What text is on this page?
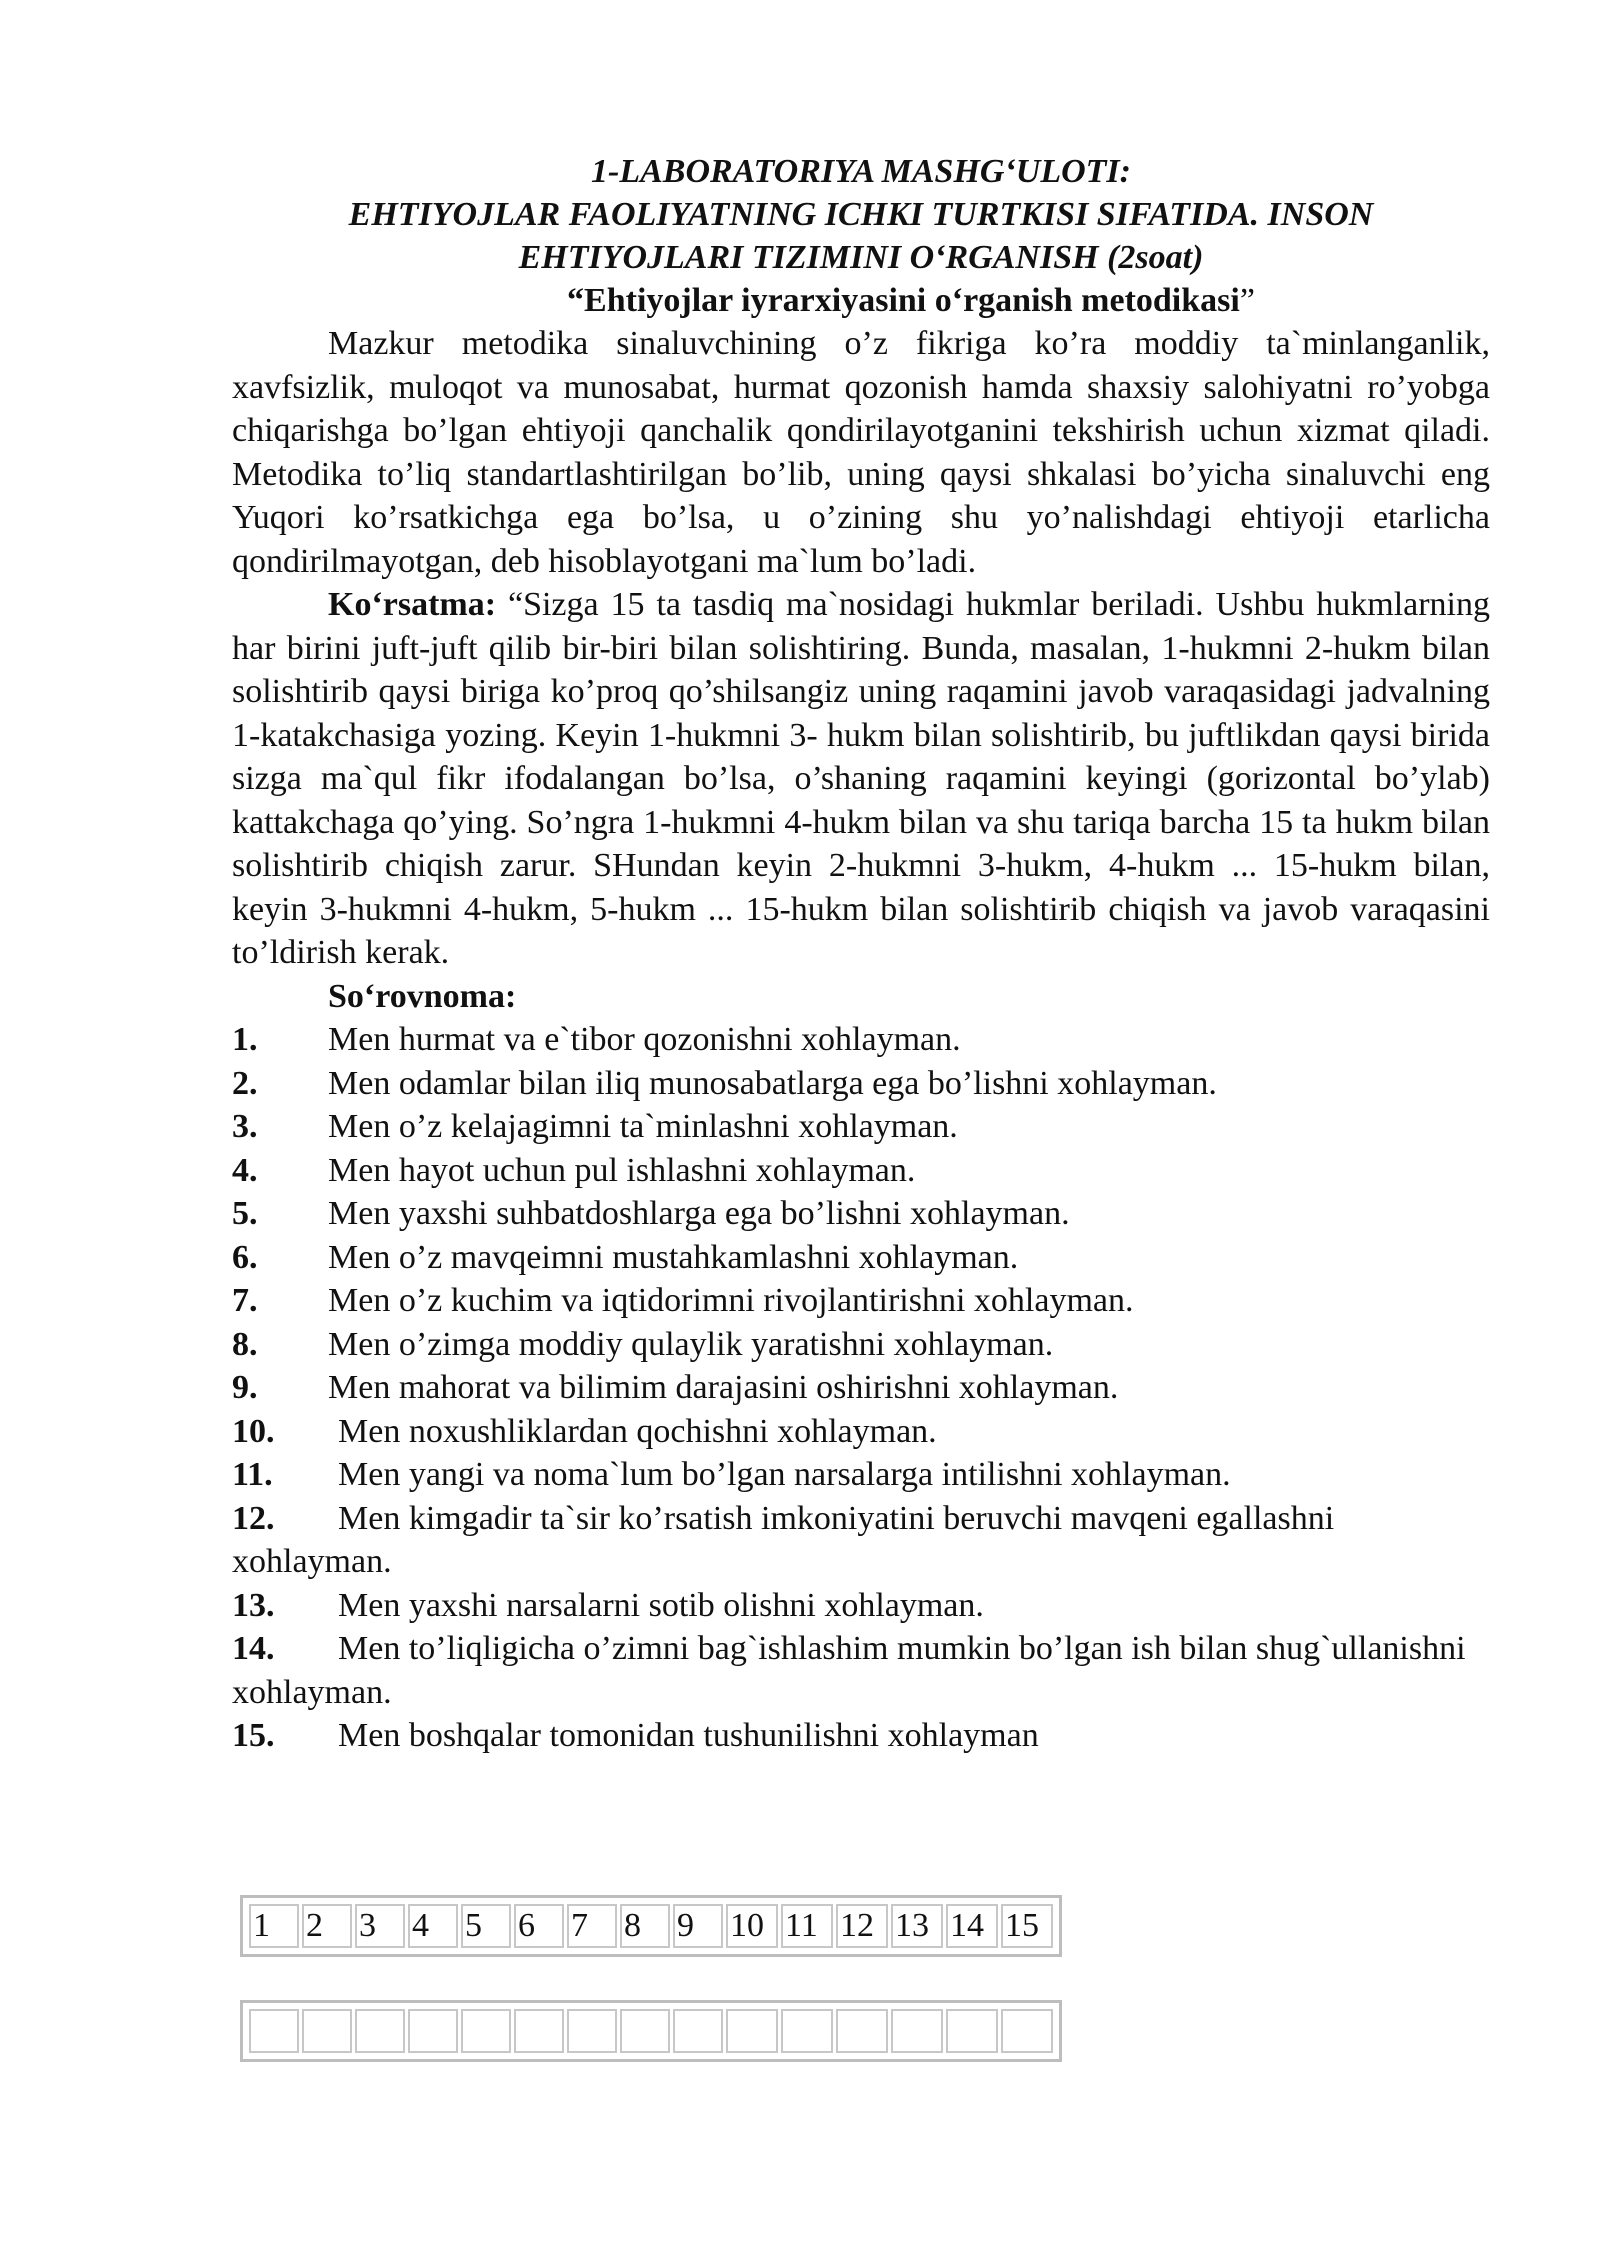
1-LABORATORIYA MASHG‘ULOTI:
EHTIYOJLAR FAOLIYATNING ICHKI TURTKISI SIFATIDA. INSON
EHTIYOJLARI TIZIMINI O‘RGANISH (2soat)
“Ehtiyojlar iyrarxiyasini o‘rganish metodikasi”

Mazkur metodika sinaluvchining o’z fikriga ko’ra moddiy ta`minlanganlik, xavfsizlik, muloqot va munosabat, hurmat qozonish hamda shaxsiy salohiyatni ro’yobga chiqarishga bo’lgan ehtiyoji qanchalik qondirilayotganini tekshirish uchun xizmat qiladi. Metodika to’liq standartlashtirilgan bo’lib, uning qaysi shkalasi bo’yicha sinaluvchi eng Yuqori ko’rsatkichga ega bo’lsa, u o’zining shu yo’nalishdagi ehtiyoji etarlicha qondirilmayotgan, deb hisoblayotgani ma`lum bo’ladi.

Ko‘rsatma: “Sizga 15 ta tasdiq ma`nosidagi hukmlar beriladi. Ushbu hukmlarning har birini juft-juft qilib bir-biri bilan solishtiring. Bunda, masalan, 1-hukmni 2-hukm bilan solishtirib qaysi biriga ko’proq qo’shilsangiz uning raqamini javob varaqasidagi jadvalning 1-katakchasiga yozing. Keyin 1-hukmni 3- hukm bilan solishtirib, bu juftlikdan qaysi birida sizga ma`qul fikr ifodalangan bo’lsa, o’shaning raqamini keyingi (gorizontal bo’ylab) kattakchaga qo’ying. So’ngra 1-hukmni 4-hukm bilan va shu tariqa barcha 15 ta hukm bilan solishtirib chiqish zarur. SHundan keyin 2-hukmni 3-hukm, 4-hukm ... 15-hukm bilan, keyin 3-hukmni 4-hukm, 5-hukm ... 15-hukm bilan solishtirib chiqish va javob varaqasini to’ldirish kerak.

So‘rovnoma:

1. Men hurmat va e`tibor qozonishni xohlayman.
2. Men odamlar bilan iliq munosabatlarga ega bo’lishni xohlayman.
3. Men o’z kelajagimni ta`minlashni xohlayman.
4. Men hayot uchun pul ishlashni xohlayman.
5. Men yaxshi suhbatdoshlarga ega bo’lishni xohlayman.
6. Men o’z mavqeimni mustahkamlashni xohlayman.
7. Men o’z kuchim va iqtidorimni rivojlantirishni xohlayman.
8. Men o’zimga moddiy qulaylik yaratishni xohlayman.
9. Men mahorat va bilimim darajasini oshirishni xohlayman.
10. Men noxushliklardan qochishni xohlayman.
11. Men yangi va noma`lum bo’lgan narsalarga intilishni xohlayman.
12. Men kimgadir ta`sir ko’rsatish imkoniyatini beruvchi mavqeni egallashni xohlayman.
13. Men yaxshi narsalarni sotib olishni xohlayman.
14. Men to’liqligicha o’zimni bag`ishlashim mumkin bo’lgan ish bilan shug`ullanishni xohlayman.
15. Men boshqalar tomonidan tushunilishni xohlayman
1	2	3	4	5	6	7	8	9	10	11	12	13	14	15
